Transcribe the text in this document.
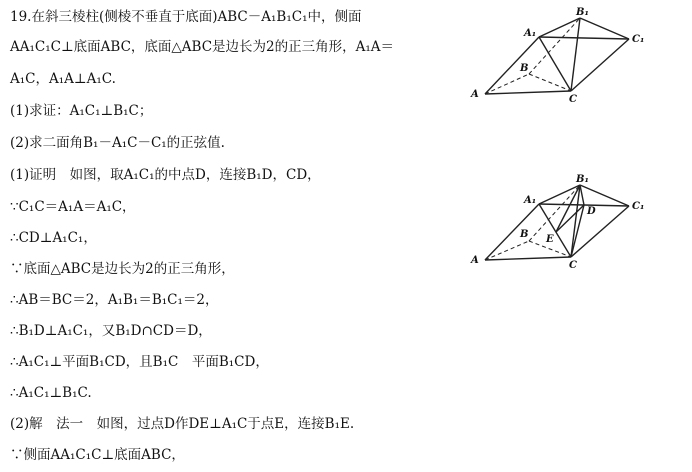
19.在斜三棱柱(侧棱不垂直于底面)ABC－A₁B₁C₁中，侧面
AA₁C₁C⊥底面ABC，底面△ABC是边长为2的正三角形，A₁A＝
A₁C，A₁A⊥A₁C.
(1)求证：A₁C₁⊥B₁C；
(2)求二面角B₁－A₁C－C₁的正弦值.
(1)证明　如图，取A₁C₁的中点D，连接B₁D，CD，
∵C₁C＝A₁A＝A₁C，
∴CD⊥A₁C₁，
∵底面△ABC是边长为2的正三角形，
∴AB＝BC＝2，A₁B₁＝B₁C₁＝2，
∴B₁D⊥A₁C₁，又B₁D∩CD＝D，
∴A₁C₁⊥平面B₁CD，且B₁C　平面B₁CD，
∴A₁C₁⊥B₁C.
(2)解　法一　如图，过点D作DE⊥A₁C于点E，连接B₁E.
∵侧面AA₁C₁C⊥底面ABC，
A
B
C
A₁
B₁
C₁
A
B
C
A₁
B₁
C₁
D
E
